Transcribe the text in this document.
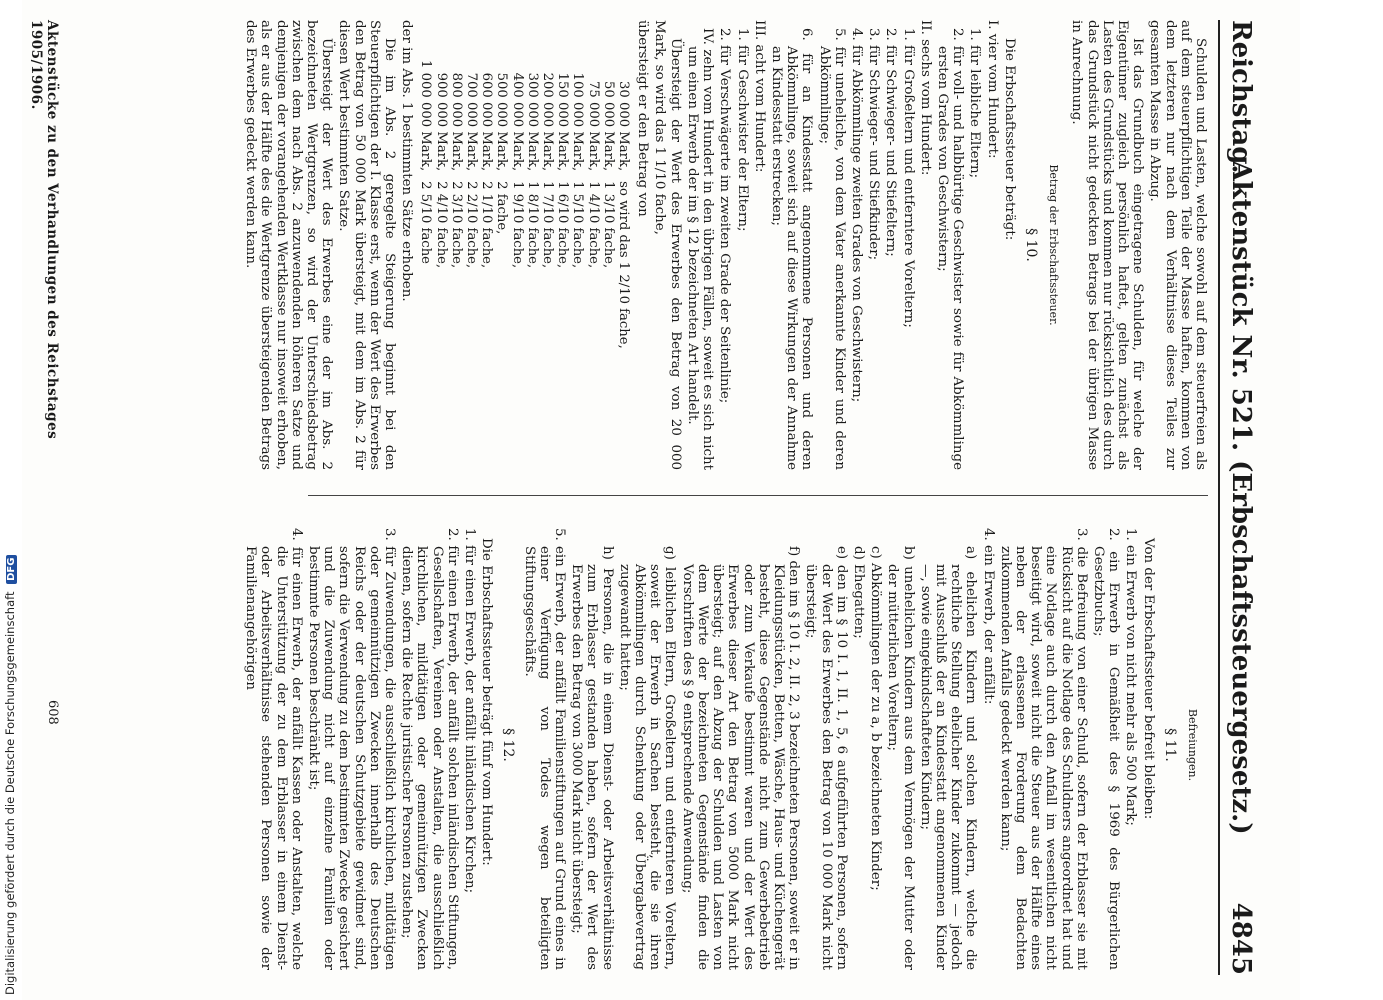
Reichstag.
Aktenstück Nr. 521. (Erbschaftssteuergesetz.)
4845

Schulden und Lasten, welche sowohl auf dem steuerfreien als auf dem steuerpflichtigen Teile der Masse haften, kommen von dem letzteren nur nach dem Verhältnisse dieses Teiles zur gesamten Masse in Abzug.

Ist das Grundbuch eingetragene Schulden, für welche der Eigentümer zugleich persönlich haftet, gelten zunächst als Lasten des Grundstücks und kommen nur rücksichtlich des durch das Grundstück nicht gedeckten Betrags bei der übrigen Masse in Anrechnung.

Betrag der Erbschaftssteuer.
§ 10.

Die Erbschaftssteuer beträgt:

I. vier vom Hundert:

1. für leibliche Eltern;

2. für voll- und halbbürtige Geschwister sowie für Abkömmlinge ersten Grades von Geschwistern;

II. sechs vom Hundert:

1. für Großeltern und entferntere Voreltern;

2. für Schwieger- und Stiefeltern;

3. für Schwieger- und Stiefkinder;

4. für Abkömmlinge zweiten Grades von Geschwistern;

5. für uneheliche, von dem Vater anerkannte Kinder und deren Abkömmlinge;

6. für an Kindesstatt angenommene Personen und deren Abkömmlinge, soweit sich auf diese Wirkungen der Annahme an Kindesstatt erstrecken;

III. acht vom Hundert:

1. für Geschwister der Eltern;

2. für Verschwägerte im zweiten Grade der Seitenlinie;

IV. zehn vom Hundert in den übrigen Fällen, soweit es sich nicht um einen Erwerb der im § 12 bezeichneten Art handelt.

Übersteigt der Wert des Erwerbes den Betrag von 20 000 Mark, so wird das 1 1/10 fache,

übersteigt er den Betrag von

30 000 Mark,	so wird das 1 2/10 fache,
50 000 Mark,	1 3/10 fache,
75 000 Mark,	1 4/10 fache,
100 000 Mark,	1 5/10 fache,
150 000 Mark,	1 6/10 fache,
200 000 Mark,	1 7/10 fache,
300 000 Mark,	1 8/10 fache,
400 000 Mark,	1 9/10 fache,
500 000 Mark,	2 fache,
600 000 Mark,	2 1/10 fache,
700 000 Mark,	2 2/10 fache,
800 000 Mark,	2 3/10 fache,
900 000 Mark,	2 4/10 fache,
1 000 000 Mark,	2 5/10 fache

der im Abs. 1 bestimmten Sätze erhoben.

Die im Abs. 2 geregelte Steigerung beginnt bei den Steuerpflichtigen der I. Klasse erst, wenn der Wert des Erwerbes den Betrag von 50 000 Mark übersteigt, mit dem im Abs. 2 für diesen Wert bestimmten Satze.

Übersteigt der Wert des Erwerbes eine der im Abs. 2 bezeichneten Wertgrenzen, so wird der Unterschiedsbetrag zwischen dem nach Abs. 2 anzuwendenden höheren Satze und demjenigen der vorangehenden Wertklasse nur insoweit erhoben, als er aus der Hälfte des die Wertgrenze übersteigenden Betrags des Erwerbes gedeckt werden kann.

Befreiungen.
§ 11.

Von der Erbschaftssteuer befreit bleiben:

1. ein Erwerb von nicht mehr als 500 Mark;

2. ein Erwerb in Gemäßheit des § 1969 des Bürgerlichen Gesetzbuchs;

3. die Befreiung von einer Schuld, sofern der Erblasser sie mit Rücksicht auf die Notlage des Schuldners angeordnet hat und eine Notlage auch durch den Anfall im wesentlichen nicht beseitigt wird, soweit nicht die Steuer aus der Hälfte eines neben der erlassenen Forderung dem Bedachten zukommenden Anfalls gedeckt werden kann;

4. ein Erwerb, der anfällt:

a) ehelichen Kindern und solchen Kindern, welche die rechtliche Stellung ehelicher Kinder zukommt — jedoch mit Ausschluß der an Kindesstatt angenommenen Kinder —, sowie eingekindschafteten Kindern;

b) unehelichen Kindern aus dem Vermögen der Mutter oder der mütterlichen Voreltern;

c) Abkömmlingen der zu a, b bezeichneten Kinder;

d) Ehegatten;

e) den im § 10 I. 1, II. 1, 5, 6 aufgeführten Personen, sofern der Wert des Erwerbes den Betrag von 10 000 Mark nicht übersteigt;

f) den im § 10 I. 2, II. 2, 3 bezeichneten Personen, soweit er in Kleidungsstücken, Betten, Wäsche, Haus- und Küchengerät besteht, diese Gegenstände nicht zum Gewerbebetrieb oder zum Verkaufe bestimmt waren und der Wert des Erwerbes dieser Art den Betrag von 5000 Mark nicht übersteigt; auf den Abzug der Schulden und Lasten von dem Werte der bezeichneten Gegenstände finden die Vorschriften des § 9 entsprechende Anwendung;

g) leiblichen Eltern, Großeltern und entfernteren Voreltern, soweit der Erwerb in Sachen besteht, die sie ihren Abkömmlingen durch Schenkung oder Übergabevertrag zugewandt hatten;

h) Personen, die in einem Dienst- oder Arbeitsverhältnisse zum Erblasser gestanden haben, sofern der Wert des Erwerbes den Betrag von 3000 Mark nicht übersteigt;

5. ein Erwerb, der anfällt Familienstiftungen auf Grund eines in einer Verfügung von Todes wegen beteiligten Stiftungsgeschäfts.

§ 12.

Die Erbschaftssteuer beträgt fünf vom Hundert:

1. für einen Erwerb, der anfällt inländischen Kirchen;

2. für einen Erwerb, der anfällt solchen inländischen Stiftungen, Gesellschaften, Vereinen oder Anstalten, die ausschließlich kirchlichen, mildtätigen oder gemeinnützigen Zwecken dienen, sofern die Rechte juristischer Personen zustehen;

3. für Zuwendungen, die ausschließlich kirchlichen, mildtätigen oder gemeinnützigen Zwecken innerhalb des Deutschen Reichs oder der deutschen Schutzgebiete gewidmet sind, sofern die Verwendung zu dem bestimmten Zwecke gesichert und die Zuwendung nicht auf einzelne Familien oder bestimmte Personen beschränkt ist;

4. für einen Erwerb, der anfällt Kassen oder Anstalten, welche die Unterstützung der zu dem Erblasser in einem Dienst- oder Arbeitsverhältnisse stehenden Personen sowie der Familienangehörigen

Aktenstücke zu den Verhandlungen des Reichstages 1905/1906.
608
Digitalisierung gefördert durch die Deutsche Forschungsgemeinschaft DFG
